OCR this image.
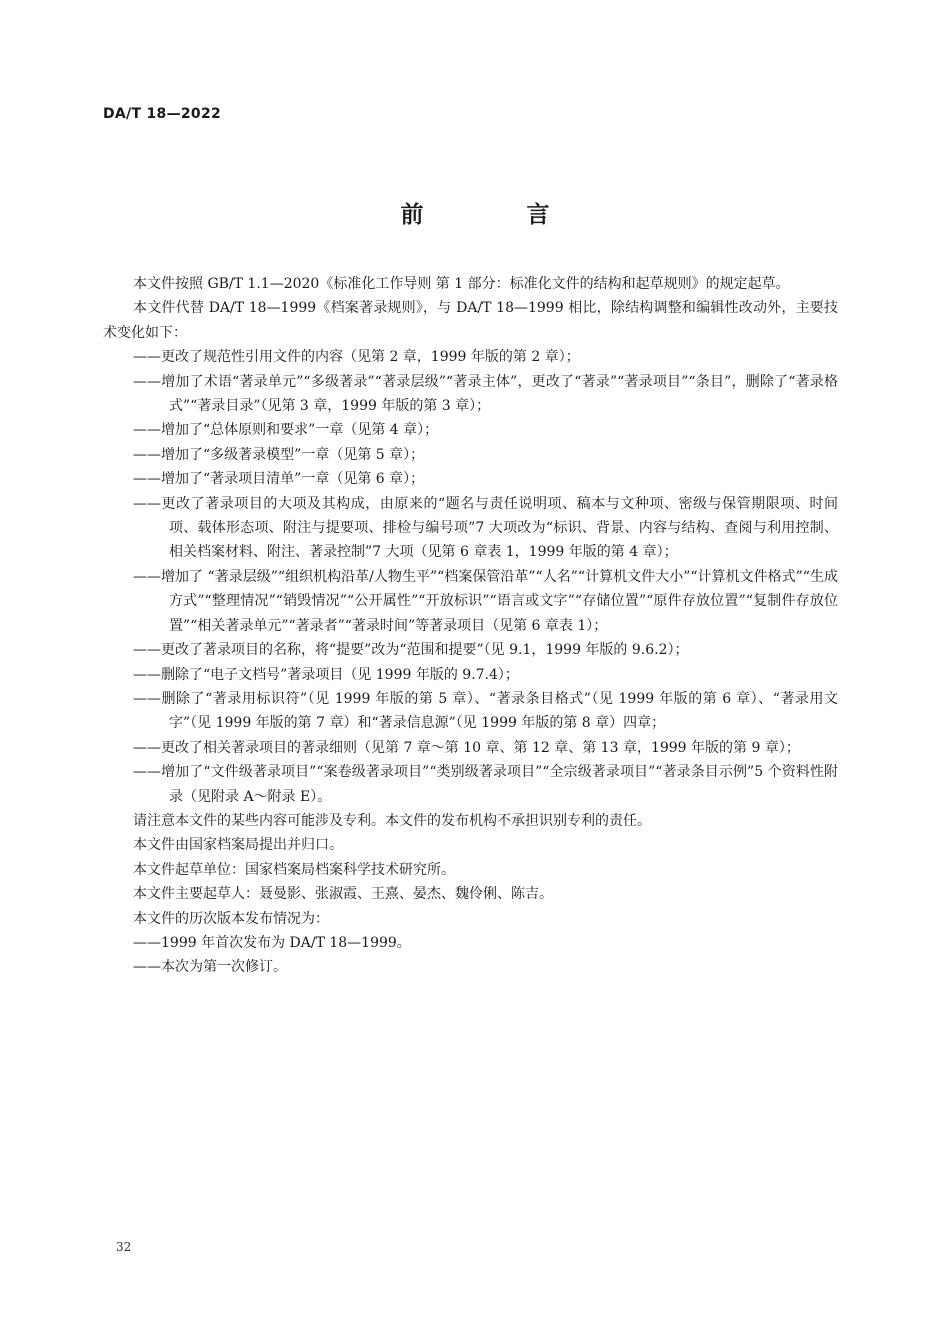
DA/T 18—2022
前　言

本文件按照 GB/T 1.1—2020《标准化工作导则 第 1 部分：标准化文件的结构和起草规则》的规定起草。

本文件代替 DA/T 18—1999《档案著录规则》，与 DA/T 18—1999 相比，除结构调整和编辑性改动外，主要技术变化如下：

——更改了规范性引用文件的内容（见第 2 章，1999 年版的第 2 章）；

——增加了术语“著录单元”“多级著录”“著录层级”“著录主体”，更改了“著录”“著录项目”“条目”，删除了“著录格式”“著录目录”（见第 3 章，1999 年版的第 3 章）；

——增加了“总体原则和要求”一章（见第 4 章）；

——增加了“多级著录模型”一章（见第 5 章）；

——增加了“著录项目清单”一章（见第 6 章）；

——更改了著录项目的大项及其构成，由原来的“题名与责任说明项、稿本与文种项、密级与保管期限项、时间项、载体形态项、附注与提要项、排检与编号项”7 大项改为“标识、背景、内容与结构、查阅与利用控制、相关档案材料、附注、著录控制”7 大项（见第 6 章表 1，1999 年版的第 4 章）；

——增加了 “著录层级”“组织机构沿革/人物生平”“档案保管沿革”“人名”“计算机文件大小”“计算机文件格式”“生成方式”“整理情况”“销毁情况”“公开属性”“开放标识”“语言或文字”“存储位置”“原件存放位置”“复制件存放位置”“相关著录单元”“著录者”“著录时间”等著录项目（见第 6 章表 1）；

——更改了著录项目的名称，将“提要”改为“范围和提要”（见 9.1，1999 年版的 9.6.2）；

——删除了“电子文档号”著录项目（见 1999 年版的 9.7.4）；

——删除了“著录用标识符”（见 1999 年版的第 5 章）、“著录条目格式”（见 1999 年版的第 6 章）、“著录用文字”（见 1999 年版的第 7 章）和“著录信息源”（见 1999 年版的第 8 章）四章；

——更改了相关著录项目的著录细则（见第 7 章～第 10 章、第 12 章、第 13 章，1999 年版的第 9 章）；

——增加了“文件级著录项目”“案卷级著录项目”“类别级著录项目”“全宗级著录项目”“著录条目示例”5 个资料性附录（见附录 A～附录 E）。

请注意本文件的某些内容可能涉及专利。本文件的发布机构不承担识别专利的责任。

本文件由国家档案局提出并归口。

本文件起草单位：国家档案局档案科学技术研究所。

本文件主要起草人：聂曼影、张淑霞、王熹、晏杰、魏伶俐、陈吉。

本文件的历次版本发布情况为：

——1999 年首次发布为 DA/T 18—1999。

——本次为第一次修订。

32
